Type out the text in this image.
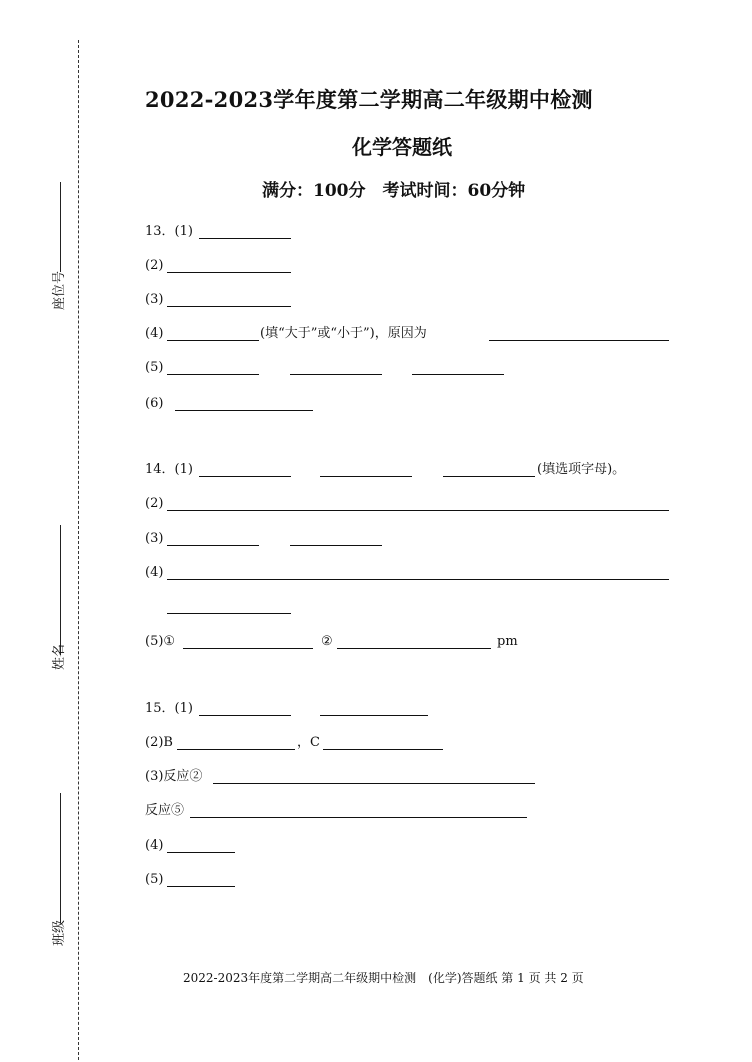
座位号
姓名
班级
2022-2023学年度第二学期高二年级期中检测
化学答题纸
满分：100分　考试时间：60分钟
13．(1)
(2)
(3)
(4)	(填“大于”或“小于”)，原因为
(5)
(6)
14．(1)	(填选项字母)。
(2)
(3)
(4)
(5)①	②	pm
15．(1)
(2)B	，C
(3)反应②
反应⑤
(4)
(5)
2022-2023年度第二学期高二年级期中检测　(化学)答题纸 第 1 页 共 2 页
